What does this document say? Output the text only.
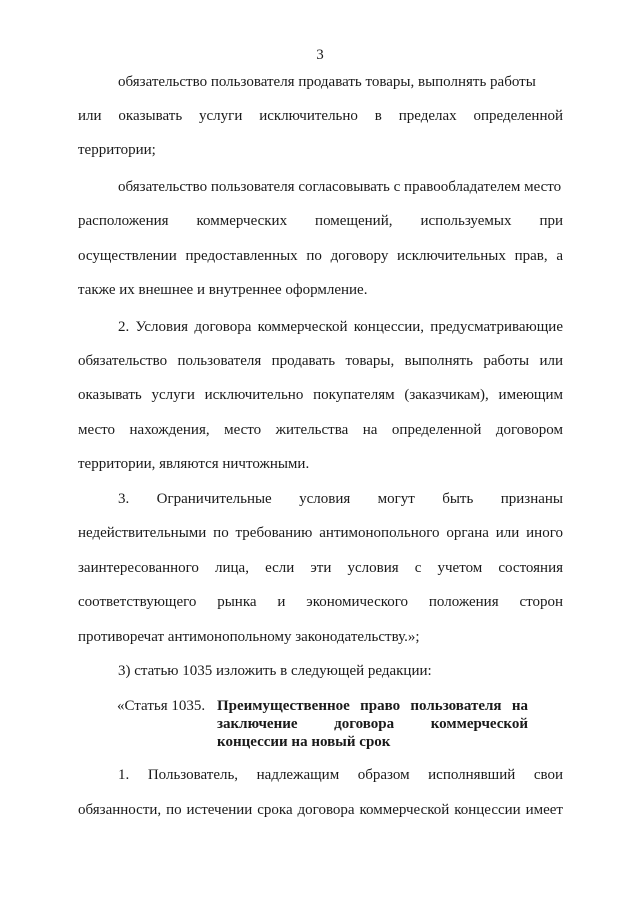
3
обязательство пользователя продавать товары, выполнять работы
или оказывать услуги исключительно в пределах определенной
территории;
обязательство пользователя согласовывать с правообладателем место
расположения коммерческих помещений, используемых при
осуществлении предоставленных по договору исключительных прав, а
также их внешнее и внутреннее оформление.
2. Условия договора коммерческой концессии, предусматривающие
обязательство пользователя продавать товары, выполнять работы или
оказывать услуги исключительно покупателям (заказчикам), имеющим
место нахождения, место жительства на определенной договором
территории, являются ничтожными.
3. Ограничительные условия могут быть признаны
недействительными по требованию антимонопольного органа или иного
заинтересованного лица, если эти условия с учетом состояния
соответствующего рынка и экономического положения сторон
противоречат антимонопольному законодательству.»;
3) статью 1035 изложить в следующей редакции:
«Статья 1035. Преимущественное право пользователя на
заключение договора коммерческой
концессии на новый срок
1. Пользователь, надлежащим образом исполнявший свои
обязанности, по истечении срока договора коммерческой концессии имеет
